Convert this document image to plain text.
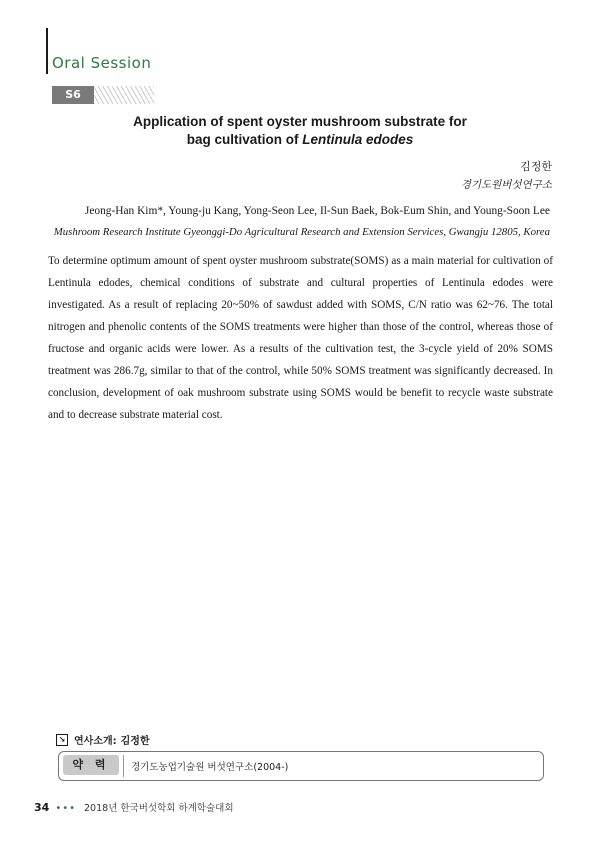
Oral Session
S6
Application of spent oyster mushroom substrate for
bag cultivation of Lentinula edodes
김정한
경기도원버섯연구소
Jeong-Han Kim*, Young-ju Kang, Yong-Seon Lee, Il-Sun Baek, Bok-Eum Shin, and Young-Soon Lee
Mushroom Research Institute Gyeonggi-Do Agricultural Research and Extension Services, Gwangju 12805, Korea

To determine optimum amount of spent oyster mushroom substrate(SOMS) as a main material for cultivation of Lentinula edodes, chemical conditions of substrate and cultural properties of Lentinula edodes were investigated. As a result of replacing 20~50% of sawdust added with SOMS, C/N ratio was 62~76. The total nitrogen and phenolic contents of the SOMS treatments were higher than those of the control, whereas those of fructose and organic acids were lower. As a results of the cultivation test, the 3-cycle yield of 20% SOMS treatment was 286.7g, similar to that of the control, while 50% SOMS treatment was significantly decreased. In conclusion, development of oak mushroom substrate using SOMS would be benefit to recycle waste substrate and to decrease substrate material cost.

↘ 연사소개: 김정한
약 력	경기도농업기술원 버섯연구소(2004-)
34 ••• 2018년 한국버섯학회 하계학술대회
